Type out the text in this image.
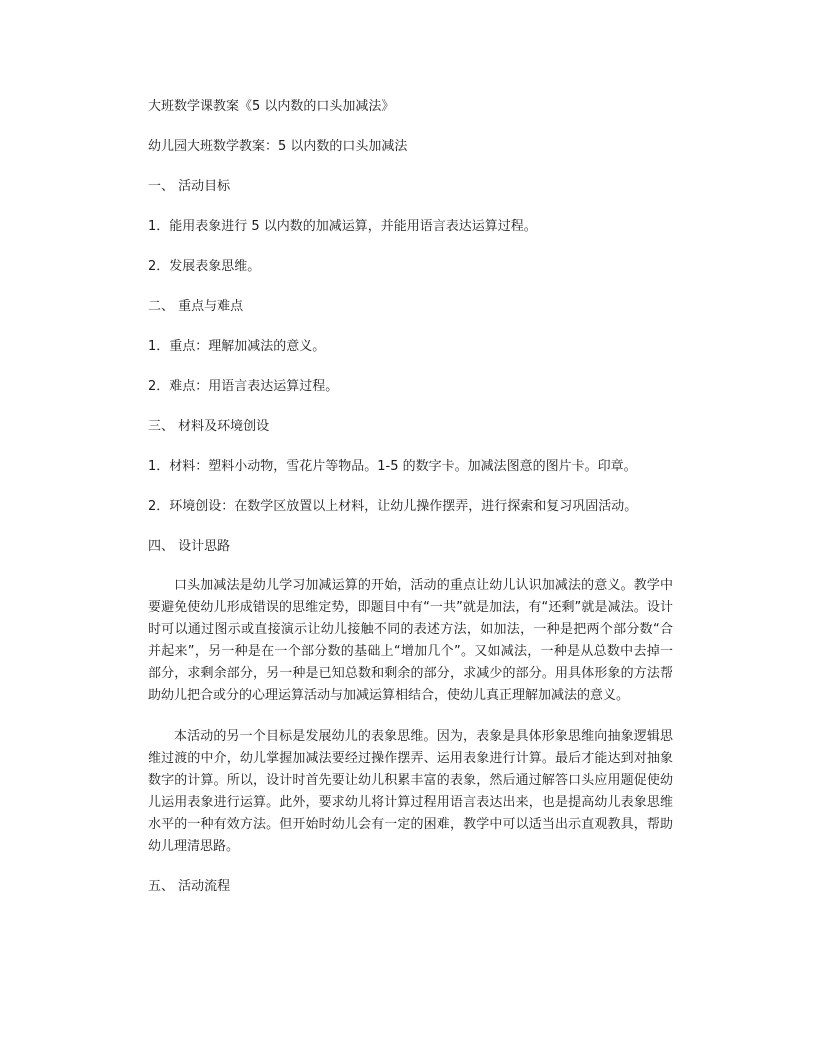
大班数学课教案《5 以内数的口头加减法》

幼儿园大班数学教案：5 以内数的口头加减法

一、 活动目标

1．能用表象进行 5 以内数的加减运算，并能用语言表达运算过程。

2．发展表象思维。

二、 重点与难点

1．重点：理解加减法的意义。

2．难点：用语言表达运算过程。

三、 材料及环境创设

1．材料：塑料小动物，雪花片等物品。1-5 的数字卡。加减法图意的图片卡。印章。

2．环境创设：在数学区放置以上材料，让幼儿操作摆弄，进行探索和复习巩固活动。

四、 设计思路

口头加减法是幼儿学习加减运算的开始，活动的重点让幼儿认识加减法的意义。教学中要避免使幼儿形成错误的思维定势，即题目中有“一共”就是加法，有“还剩”就是减法。设计时可以通过图示或直接演示让幼儿接触不同的表述方法，如加法，一种是把两个部分数“合并起来”，另一种是在一个部分数的基础上“增加几个”。又如减法，一种是从总数中去掉一部分，求剩余部分，另一种是已知总数和剩余的部分，求减少的部分。用具体形象的方法帮助幼儿把合或分的心理运算活动与加减运算相结合，使幼儿真正理解加减法的意义。

本活动的另一个目标是发展幼儿的表象思维。因为，表象是具体形象思维向抽象逻辑思维过渡的中介，幼儿掌握加减法要经过操作摆弄、运用表象进行计算。最后才能达到对抽象数字的计算。所以，设计时首先要让幼儿积累丰富的表象，然后通过解答口头应用题促使幼儿运用表象进行运算。此外，要求幼儿将计算过程用语言表达出来，也是提高幼儿表象思维水平的一种有效方法。但开始时幼儿会有一定的困难，教学中可以适当出示直观教具，帮助幼儿理清思路。

五、 活动流程
